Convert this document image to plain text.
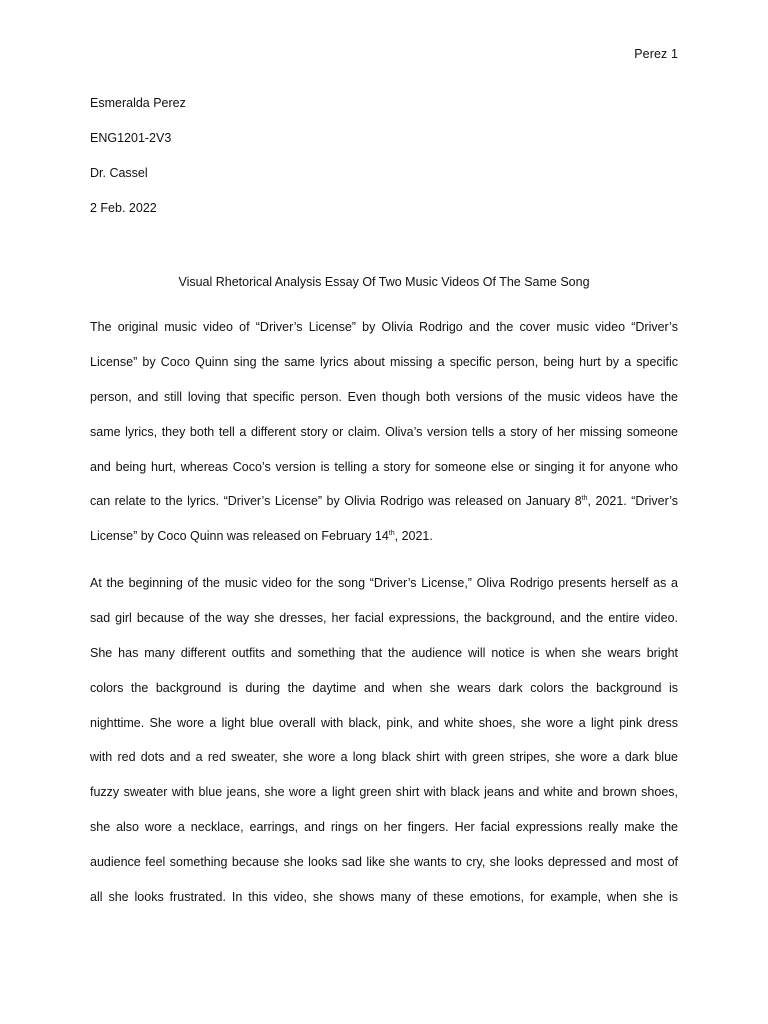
Perez 1
Esmeralda Perez
ENG1201-2V3
Dr. Cassel
2 Feb. 2022
Visual Rhetorical Analysis Essay Of Two Music Videos Of The Same Song
The original music video of “Driver’s License” by Olivia Rodrigo and the cover music video “Driver’s
License” by Coco Quinn sing the same lyrics about missing a specific person, being hurt by a specific
person, and still loving that specific person. Even though both versions of the music videos have the
same lyrics, they both tell a different story or claim. Oliva’s version tells a story of her missing someone
and being hurt, whereas Coco’s version is telling a story for someone else or singing it for anyone who
can relate to the lyrics. “Driver’s License” by Olivia Rodrigo was released on January 8th, 2021. “Driver’s
License” by Coco Quinn was released on February 14th, 2021.
At the beginning of the music video for the song “Driver’s License,” Oliva Rodrigo presents herself as a
sad girl because of the way she dresses, her facial expressions, the background, and the entire video.
She has many different outfits and something that the audience will notice is when she wears bright
colors the background is during the daytime and when she wears dark colors the background is
nighttime. She wore a light blue overall with black, pink, and white shoes, she wore a light pink dress
with red dots and a red sweater, she wore a long black shirt with green stripes, she wore a dark blue
fuzzy sweater with blue jeans, she wore a light green shirt with black jeans and white and brown shoes,
she also wore a necklace, earrings, and rings on her fingers. Her facial expressions really make the
audience feel something because she looks sad like she wants to cry, she looks depressed and most of
all she looks frustrated. In this video, she shows many of these emotions, for example, when she is
